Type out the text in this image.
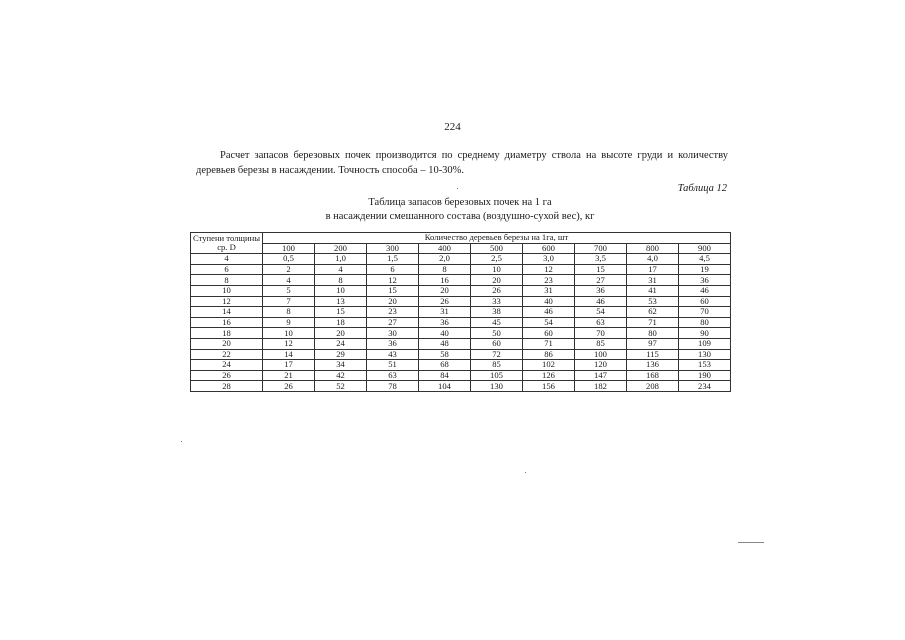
224
Расчет запасов березовых почек производится по среднему диаметру ствола на высоте груди и количеству деревьев березы в насаждении. Точность способа – 10-30%.
Таблица 12
Таблица запасов березовых почек на 1 га
в насаждении смешанного состава (воздушно-сухой вес), кг
Ступени толщины ср. D	Количество деревьев березы на 1га, шт								
	100	200	300	400	500	600	700	800	900
4	0,5	1,0	1,5	2,0	2,5	3,0	3,5	4,0	4,5
6	2	4	6	8	10	12	15	17	19
8	4	8	12	16	20	23	27	31	36
10	5	10	15	20	26	31	36	41	46
12	7	13	20	26	33	40	46	53	60
14	8	15	23	31	38	46	54	62	70
16	9	18	27	36	45	54	63	71	80
18	10	20	30	40	50	60	70	80	90
20	12	24	36	48	60	71	85	97	109
22	14	29	43	58	72	86	100	115	130
24	17	34	51	68	85	102	120	136	153
26	21	42	63	84	105	126	147	168	190
28	26	52	78	104	130	156	182	208	234
